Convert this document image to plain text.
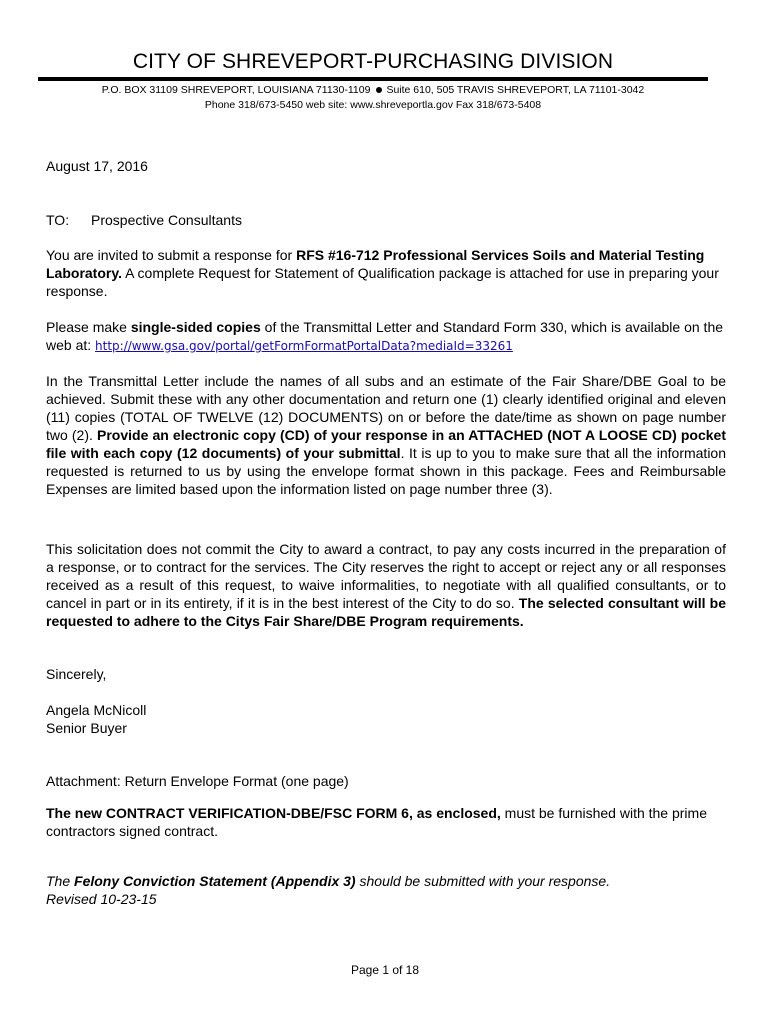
CITY OF SHREVEPORT-PURCHASING DIVISION
P.O. BOX 31109 SHREVEPORT, LOUISIANA 71130-1109 Suite 610, 505 TRAVIS SHREVEPORT, LA 71101-3042
Phone 318/673-5450 web site: www.shreveportla.gov Fax 318/673-5408
August 17, 2016
TO: Prospective Consultants
You are invited to submit a response for RFS #16-712 Professional Services Soils and Material Testing Laboratory. A complete Request for Statement of Qualification package is attached for use in preparing your response.
Please make single-sided copies of the Transmittal Letter and Standard Form 330, which is available on the web at: http://www.gsa.gov/portal/getFormFormatPortalData?mediaId=33261
In the Transmittal Letter include the names of all subs and an estimate of the Fair Share/DBE Goal to be achieved. Submit these with any other documentation and return one (1) clearly identified original and eleven (11) copies (TOTAL OF TWELVE (12) DOCUMENTS) on or before the date/time as shown on page number two (2). Provide an electronic copy (CD) of your response in an ATTACHED (NOT A LOOSE CD) pocket file with each copy (12 documents) of your submittal. It is up to you to make sure that all the information requested is returned to us by using the envelope format shown in this package. Fees and Reimbursable Expenses are limited based upon the information listed on page number three (3).
This solicitation does not commit the City to award a contract, to pay any costs incurred in the preparation of a response, or to contract for the services. The City reserves the right to accept or reject any or all responses received as a result of this request, to waive informalities, to negotiate with all qualified consultants, or to cancel in part or in its entirety, if it is in the best interest of the City to do so. The selected consultant will be requested to adhere to the Citys Fair Share/DBE Program requirements.
Sincerely,
Angela McNicoll
Senior Buyer
Attachment: Return Envelope Format (one page)
The new CONTRACT VERIFICATION-DBE/FSC FORM 6, as enclosed, must be furnished with the prime contractors signed contract.
The Felony Conviction Statement (Appendix 3) should be submitted with your response.
Revised 10-23-15
Page 1 of 18
